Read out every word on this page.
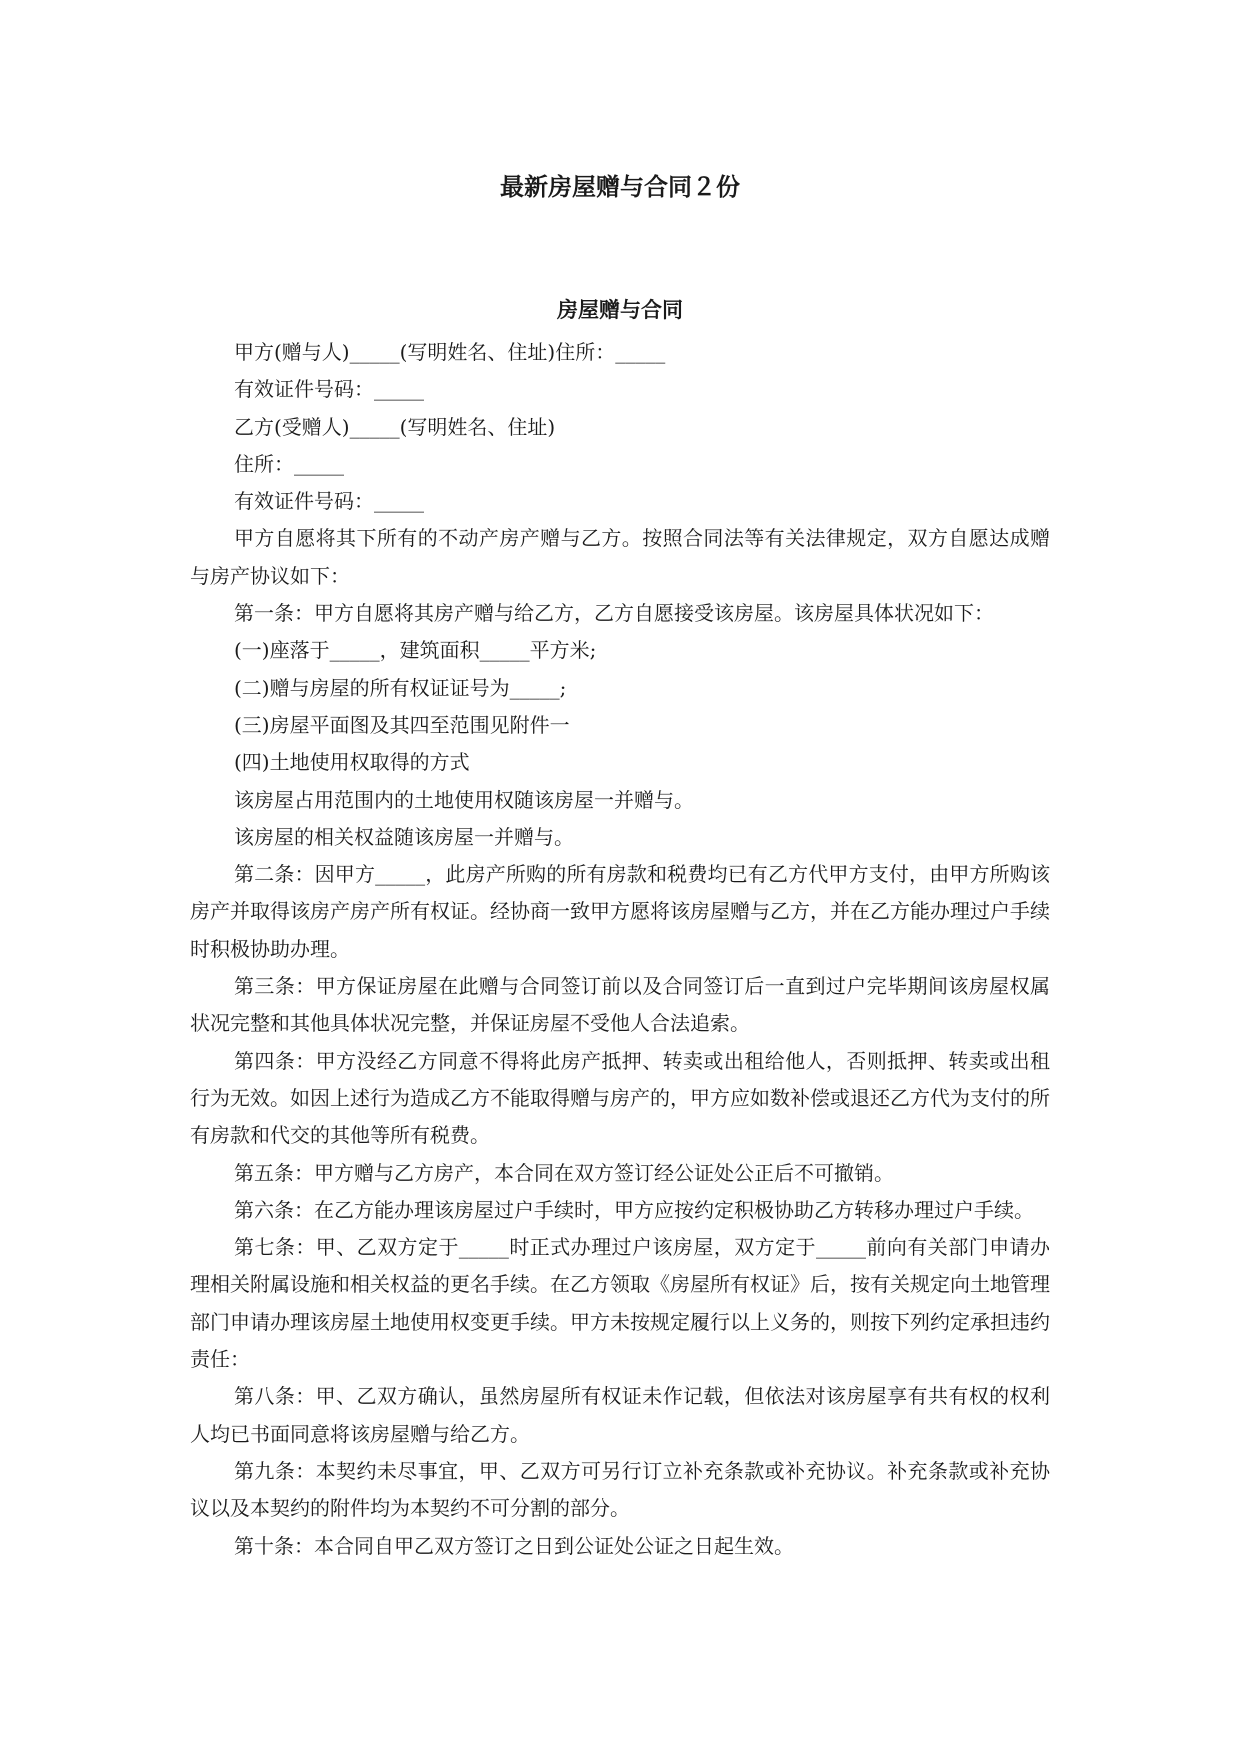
最新房屋赠与合同２份
房屋赠与合同

甲方(赠与人)_____(写明姓名、住址)住所：_____

有效证件号码：_____

乙方(受赠人)_____(写明姓名、住址)

住所：_____

有效证件号码：_____

甲方自愿将其下所有的不动产房产赠与乙方。按照合同法等有关法律规定，双方自愿达成赠与房产协议如下：

第一条：甲方自愿将其房产赠与给乙方，乙方自愿接受该房屋。该房屋具体状况如下：

(一)座落于_____，建筑面积_____平方米;

(二)赠与房屋的所有权证证号为_____;

(三)房屋平面图及其四至范围见附件一

(四)土地使用权取得的方式

该房屋占用范围内的土地使用权随该房屋一并赠与。

该房屋的相关权益随该房屋一并赠与。

第二条：因甲方_____，此房产所购的所有房款和税费均已有乙方代甲方支付，由甲方所购该房产并取得该房产房产所有权证。经协商一致甲方愿将该房屋赠与乙方，并在乙方能办理过户手续时积极协助办理。

第三条：甲方保证房屋在此赠与合同签订前以及合同签订后一直到过户完毕期间该房屋权属状况完整和其他具体状况完整，并保证房屋不受他人合法追索。

第四条：甲方没经乙方同意不得将此房产抵押、转卖或出租给他人，否则抵押、转卖或出租行为无效。如因上述行为造成乙方不能取得赠与房产的，甲方应如数补偿或退还乙方代为支付的所有房款和代交的其他等所有税费。

第五条：甲方赠与乙方房产，本合同在双方签订经公证处公正后不可撤销。

第六条：在乙方能办理该房屋过户手续时，甲方应按约定积极协助乙方转移办理过户手续。

第七条：甲、乙双方定于_____时正式办理过户该房屋，双方定于_____前向有关部门申请办理相关附属设施和相关权益的更名手续。在乙方领取《房屋所有权证》后，按有关规定向土地管理部门申请办理该房屋土地使用权变更手续。甲方未按规定履行以上义务的，则按下列约定承担违约责任：

第八条：甲、乙双方确认，虽然房屋所有权证未作记载，但依法对该房屋享有共有权的权利人均已书面同意将该房屋赠与给乙方。

第九条：本契约未尽事宜，甲、乙双方可另行订立补充条款或补充协议。补充条款或补充协议以及本契约的附件均为本契约不可分割的部分。

第十条：本合同自甲乙双方签订之日到公证处公证之日起生效。
